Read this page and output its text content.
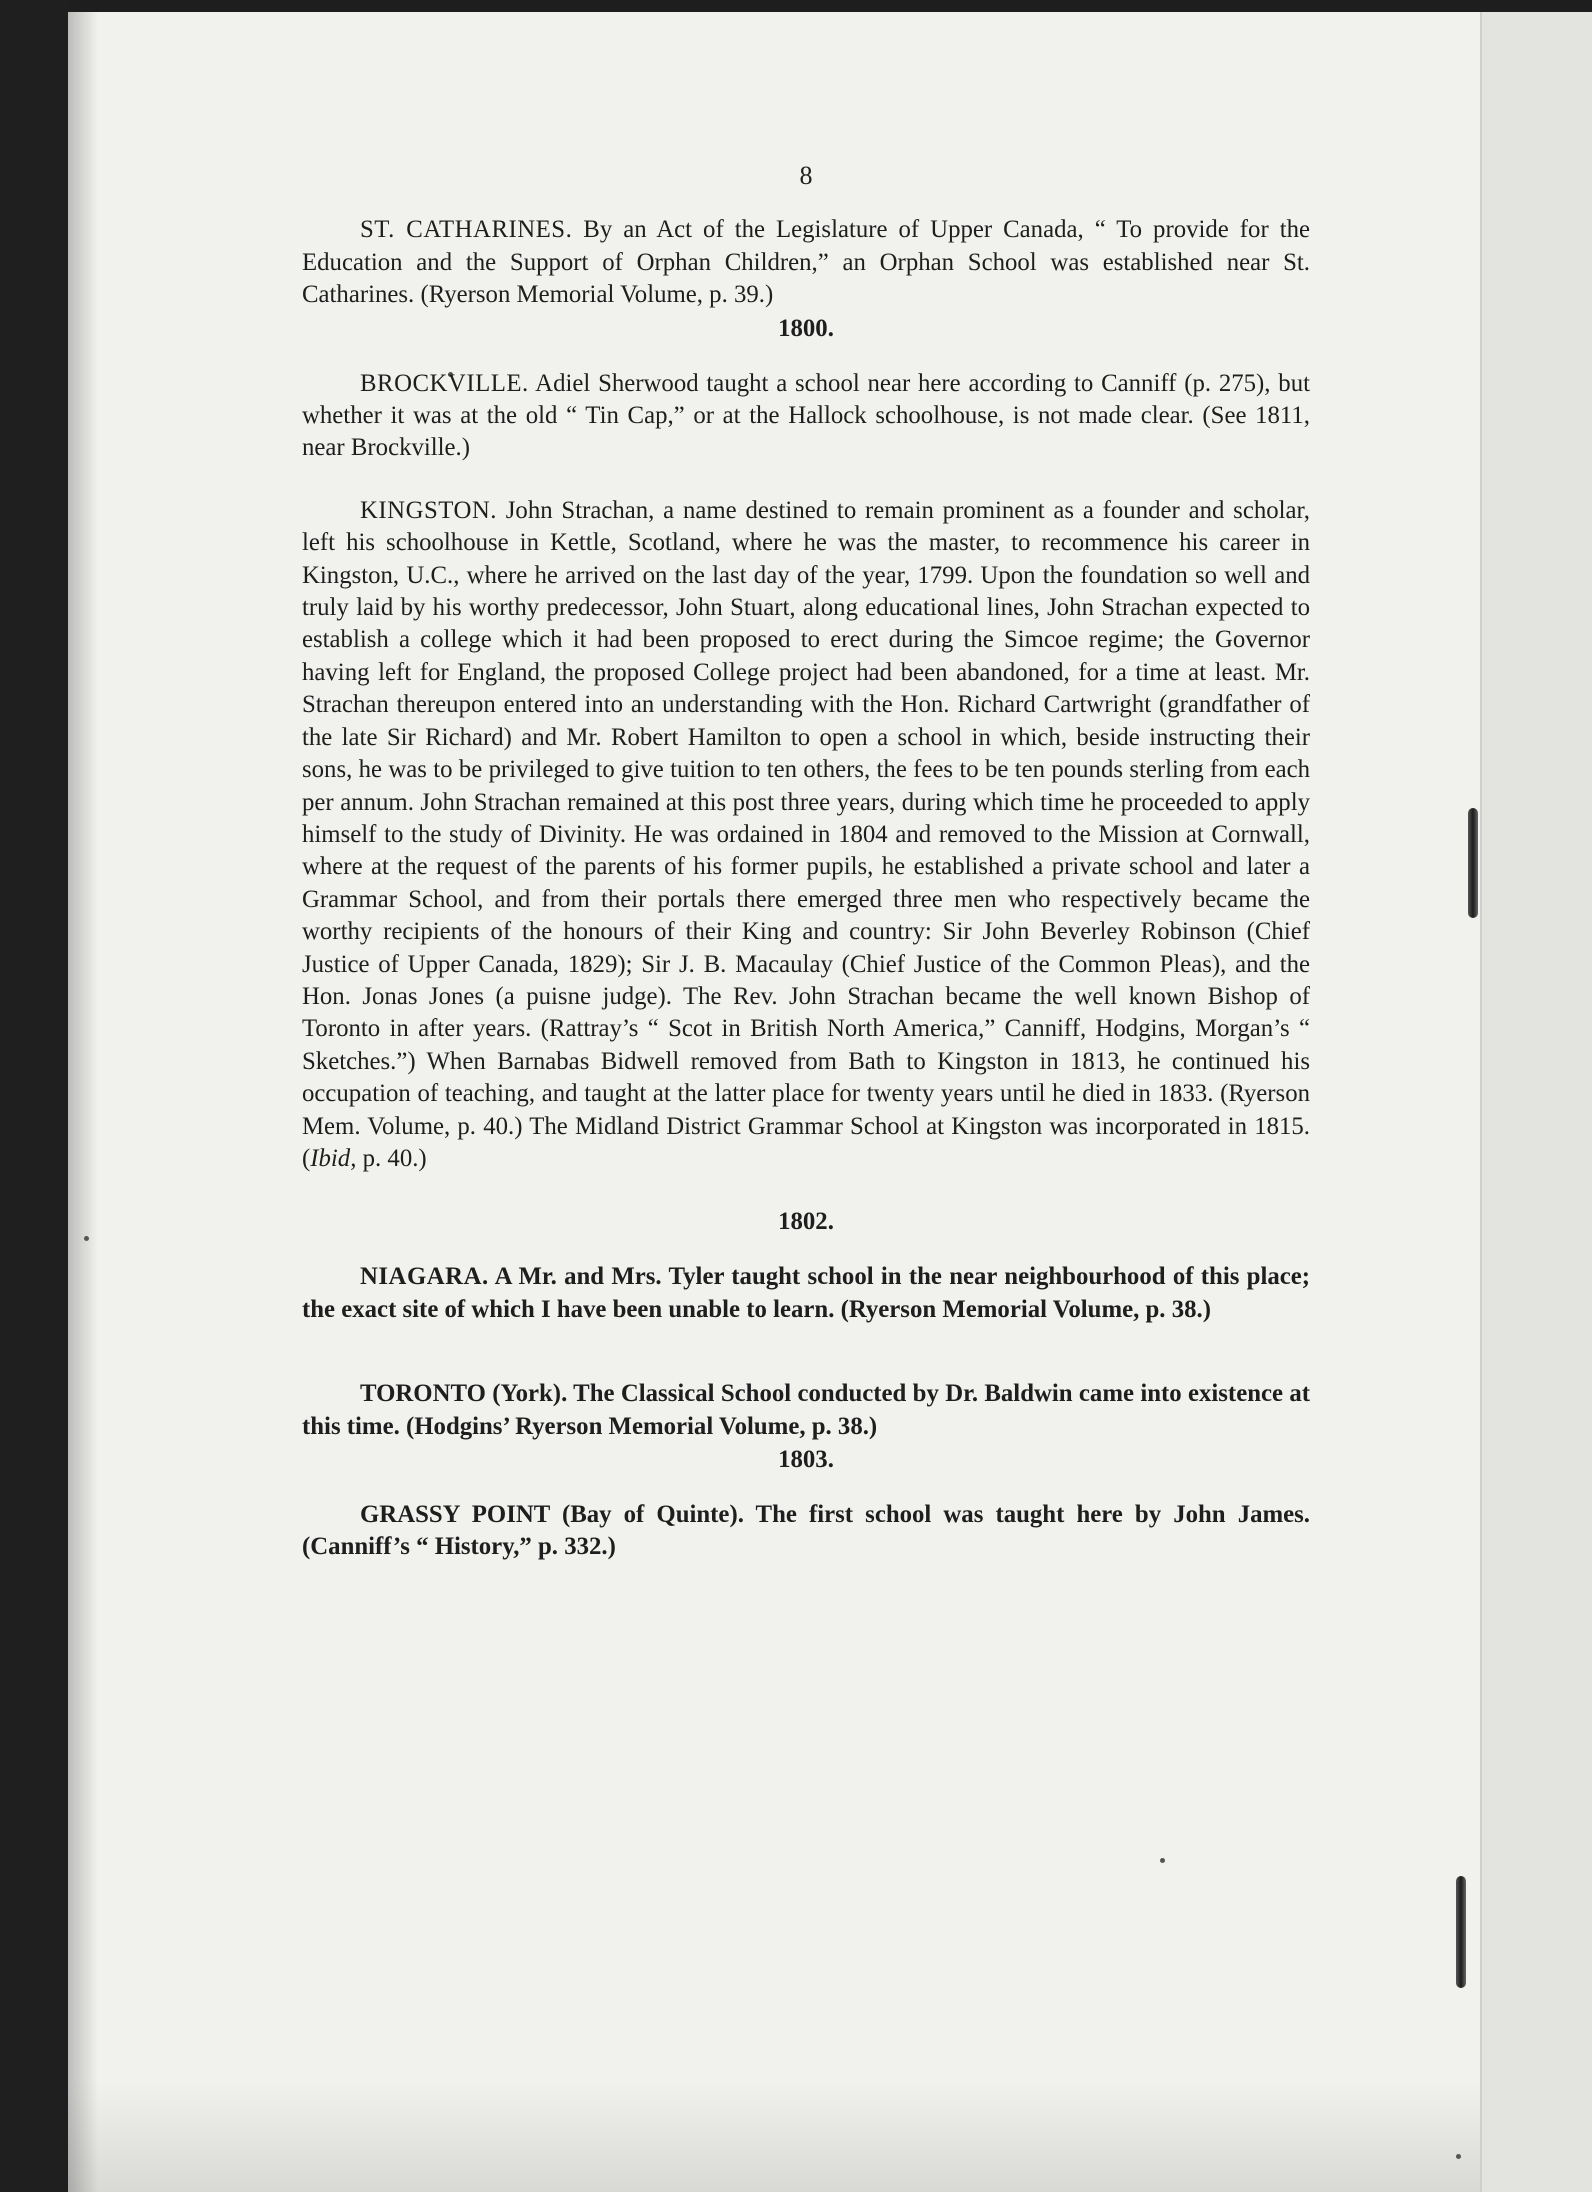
8

ST. CATHARINES. By an Act of the Legislature of Upper Canada, “ To provide for the Education and the Support of Orphan Children,” an Orphan School was established near St. Catharines. (Ryerson Memorial Volume, p. 39.)

1800.

BROCKVILLE. Adiel Sherwood taught a school near here according to Canniff (p. 275), but whether it was at the old “ Tin Cap,” or at the Hallock schoolhouse, is not made clear. (See 1811, near Brockville.)

KINGSTON. John Strachan, a name destined to remain prominent as a founder and scholar, left his schoolhouse in Kettle, Scotland, where he was the master, to recommence his career in Kingston, U.C., where he arrived on the last day of the year, 1799. Upon the foundation so well and truly laid by his worthy predecessor, John Stuart, along educational lines, John Strachan expected to establish a college which it had been proposed to erect during the Simcoe regime; the Governor having left for England, the proposed College project had been abandoned, for a time at least. Mr. Strachan thereupon entered into an understanding with the Hon. Richard Cartwright (grandfather of the late Sir Richard) and Mr. Robert Hamilton to open a school in which, beside instructing their sons, he was to be privileged to give tuition to ten others, the fees to be ten pounds sterling from each per annum. John Strachan remained at this post three years, during which time he proceeded to apply himself to the study of Divinity. He was ordained in 1804 and removed to the Mission at Cornwall, where at the request of the parents of his former pupils, he established a private school and later a Grammar School, and from their portals there emerged three men who respectively became the worthy recipients of the honours of their King and country: Sir John Beverley Robinson (Chief Justice of Upper Canada, 1829); Sir J. B. Macaulay (Chief Justice of the Common Pleas), and the Hon. Jonas Jones (a puisne judge). The Rev. John Strachan became the well known Bishop of Toronto in after years. (Rattray’s “ Scot in British North America,” Canniff, Hodgins, Morgan’s “ Sketches.”) When Barnabas Bidwell removed from Bath to Kingston in 1813, he continued his occupation of teaching, and taught at the latter place for twenty years until he died in 1833. (Ryerson Mem. Volume, p. 40.) The Midland District Grammar School at Kingston was incorporated in 1815. (Ibid, p. 40.)

1802.

NIAGARA. A Mr. and Mrs. Tyler taught school in the near neighbourhood of this place; the exact site of which I have been unable to learn. (Ryerson Memorial Volume, p. 38.)

TORONTO (York). The Classical School conducted by Dr. Baldwin came into existence at this time. (Hodgins’ Ryerson Memorial Volume, p. 38.)

1803.

GRASSY POINT (Bay of Quinte). The first school was taught here by John James. (Canniff’s “ History,” p. 332.)
